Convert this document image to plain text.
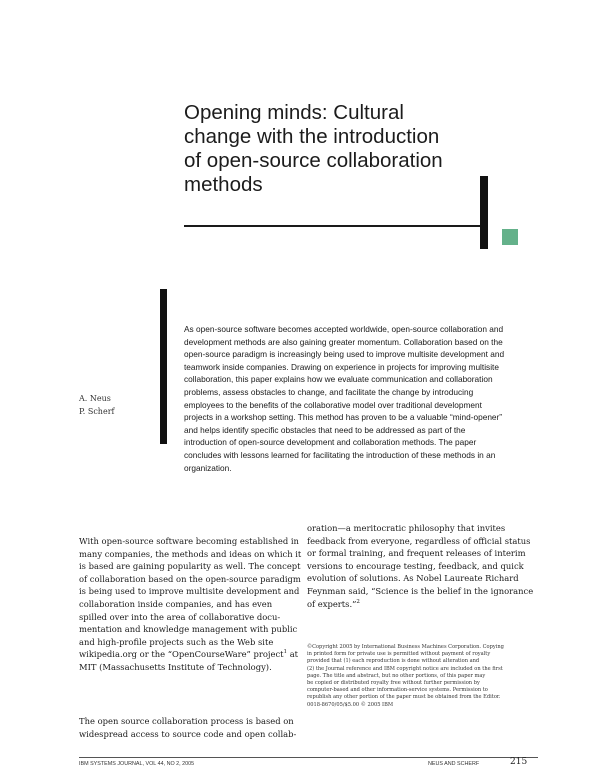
Opening minds: Cultural
change with the introduction
of open-source collaboration
methods
As open-source software becomes accepted worldwide, open-source collaboration and
development methods are also gaining greater momentum. Collaboration based on the
open-source paradigm is increasingly being used to improve multisite development and
teamwork inside companies. Drawing on experience in projects for improving multisite
collaboration, this paper explains how we evaluate communication and collaboration
problems, assess obstacles to change, and facilitate the change by introducing
employees to the benefits of the collaborative model over traditional development
projects in a workshop setting. This method has proven to be a valuable “mind-opener”
and helps identify specific obstacles that need to be addressed as part of the
introduction of open-source development and collaboration methods. The paper
concludes with lessons learned for facilitating the introduction of these methods in an
organization.
A. Neus
P. Scherf
With open-source software becoming established in
many companies, the methods and ideas on which it
is based are gaining popularity as well. The concept
of collaboration based on the open-source paradigm
is being used to improve multisite development and
collaboration inside companies, and has even
spilled over into the area of collaborative docu-
mentation and knowledge management with public
and high-profile projects such as the Web site
wikipedia.org or the “OpenCourseWare” project$^1$ at
MIT (Massachusetts Institute of Technology).
The open source collaboration process is based on
widespread access to source code and open collab-
oration—a meritocratic philosophy that invites
feedback from everyone, regardless of official status
or formal training, and frequent releases of interim
versions to encourage testing, feedback, and quick
evolution of solutions. As Nobel Laureate Richard
Feynman said, “Science is the belief in the ignorance
of experts.”$^2$
©Copyright 2005 by International Business Machines Corporation. Copying
in printed form for private use is permitted without payment of royalty
provided that (1) each reproduction is done without alteration and
(2) the Journal reference and IBM copyright notice are included on the first
page. The title and abstract, but no other portions, of this paper may
be copied or distributed royalty free without further permission by
computer-based and other information-service systems. Permission to
republish any other portion of the paper must be obtained from the Editor.
0018-8670/05/$5.00 © 2005 IBM
IBM SYSTEMS JOURNAL, VOL 44, NO 2, 2005	NEUS AND SCHERF	215
